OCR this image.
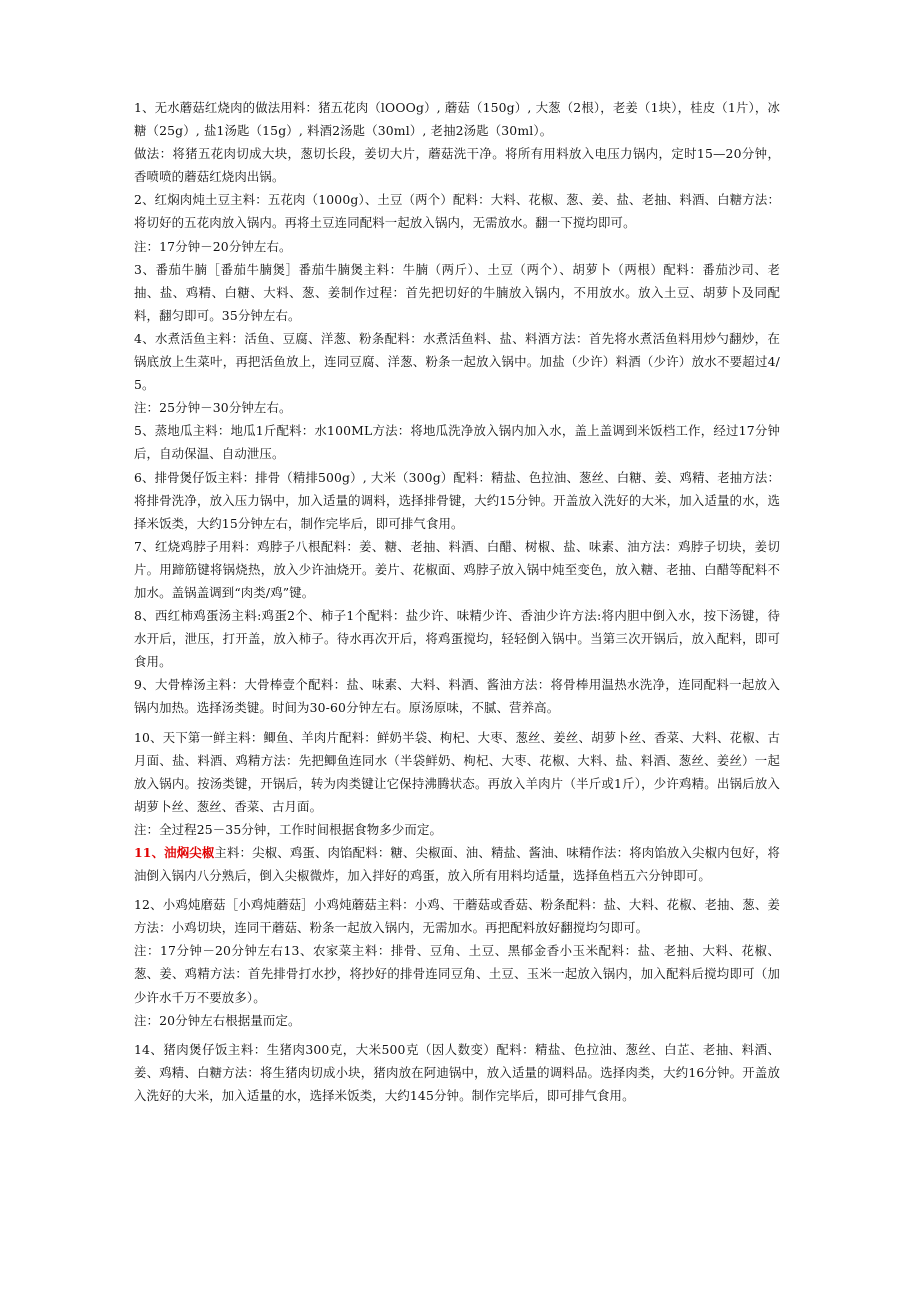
1、无水蘑菇红烧肉的做法用料：猪五花肉（lOOOg）, 蘑菇（150g）, 大葱（2根），老姜（1块），桂皮（1片），冰糖（25g）, 盐1汤匙（15g）, 料酒2汤匙（30ml）, 老抽2汤匙（30ml）。

做法：将猪五花肉切成大块，葱切长段，姜切大片，蘑菇洗干净。将所有用料放入电压力锅内，定时15—20分钟，香喷喷的蘑菇红烧肉出锅。

2、红焖肉炖土豆主料：五花肉（1000g）、土豆（两个）配料：大料、花椒、葱、姜、盐、老抽、料酒、白糖方法：将切好的五花肉放入锅内。再将土豆连同配料一起放入锅内，无需放水。翻一下搅均即可。

注：17分钟－20分钟左右。

3、番茄牛腩［番茄牛腩煲］番茄牛腩煲主料：牛腩（两斤）、土豆（两个）、胡萝卜（两根）配料：番茄沙司、老抽、盐、鸡精、白糖、大料、葱、姜制作过程：首先把切好的牛腩放入锅内，不用放水。放入土豆、胡萝卜及同配料，翻匀即可。35分钟左右。

4、水煮活鱼主料：活鱼、豆腐、洋葱、粉条配料：水煮活鱼料、盐、料酒方法：首先将水煮活鱼料用炒勺翻炒，在锅底放上生菜叶，再把活鱼放上，连同豆腐、洋葱、粉条一起放入锅中。加盐（少许）料酒（少许）放水不要超过4/5。

注：25分钟－30分钟左右。

5、蒸地瓜主料：地瓜1斤配料：水100ML方法：将地瓜洗净放入锅内加入水，盖上盖调到米饭档工作，经过17分钟后，自动保温、自动泄压。

6、排骨煲仔饭主料：排骨（精排500g）, 大米（300g）配料：精盐、色拉油、葱丝、白糖、姜、鸡精、老抽方法：将排骨洗净，放入压力锅中，加入适量的调料，选择排骨键，大约15分钟。开盖放入洗好的大米，加入适量的水，选择米饭类，大约15分钟左右，制作完毕后，即可排气食用。

7、红烧鸡脖子用料：鸡脖子八根配料：姜、糖、老抽、料酒、白醋、树椒、盐、味素、油方法：鸡脖子切块，姜切片。用蹄筋键将锅烧热，放入少许油烧开。姜片、花椒面、鸡脖子放入锅中炖至变色，放入糖、老抽、白醋等配料不加水。盖锅盖调到“肉类/鸡”键。

8、西红柿鸡蛋汤主料:鸡蛋2个、柿子1个配料：盐少许、味精少许、香油少许方法:将内胆中倒入水，按下汤键，待水开后，泄压，打开盖，放入柿子。待水再次开后，将鸡蛋搅均，轻轻倒入锅中。当第三次开锅后，放入配料，即可食用。

9、大骨棒汤主料：大骨棒壹个配料：盐、味素、大料、料酒、酱油方法：将骨棒用温热水洗净，连同配料一起放入锅内加热。选择汤类键。时间为30-60分钟左右。原汤原味，不腻、营养高。

10、天下第一鲜主料：鲫鱼、羊肉片配料：鲜奶半袋、枸杞、大枣、葱丝、姜丝、胡萝卜丝、香菜、大料、花椒、古月面、盐、料酒、鸡精方法：先把鲫鱼连同水（半袋鲜奶、枸杞、大枣、花椒、大料、盐、料酒、葱丝、姜丝）一起放入锅内。按汤类键，开锅后，转为肉类键让它保持沸腾状态。再放入羊肉片（半斤或1斤），少许鸡精。出锅后放入胡萝卜丝、葱丝、香菜、古月面。

注：全过程25－35分钟，工作时间根据食物多少而定。

11、油焖尖椒主料：尖椒、鸡蛋、肉馅配料：糖、尖椒面、油、精盐、酱油、味精作法：将肉馅放入尖椒内包好，将油倒入锅内八分熟后，倒入尖椒微炸，加入拌好的鸡蛋，放入所有用料均适量，选择鱼档五六分钟即可。

12、小鸡炖磨菇［小鸡炖蘑菇］小鸡炖蘑菇主料：小鸡、干蘑菇或香菇、粉条配料：盐、大料、花椒、老抽、葱、姜方法：小鸡切块，连同干蘑菇、粉条一起放入锅内，无需加水。再把配料放好翻搅均匀即可。

注：17分钟－20分钟左右13、农家菜主料：排骨、豆角、土豆、黑郁金香小玉米配料：盐、老抽、大料、花椒、葱、姜、鸡精方法：首先排骨打水抄，将抄好的排骨连同豆角、土豆、玉米一起放入锅内，加入配料后搅均即可（加少许水千万不要放多）。

注：20分钟左右根据量而定。

14、猪肉煲仔饭主料：生猪肉300克，大米500克（因人数变）配料：精盐、色拉油、葱丝、白芷、老抽、料酒、姜、鸡精、白糖方法：将生猪肉切成小块，猪肉放在阿迪锅中，放入适量的调料品。选择肉类，大约16分钟。开盖放入洗好的大米，加入适量的水，选择米饭类，大约145分钟。制作完毕后，即可排气食用。
